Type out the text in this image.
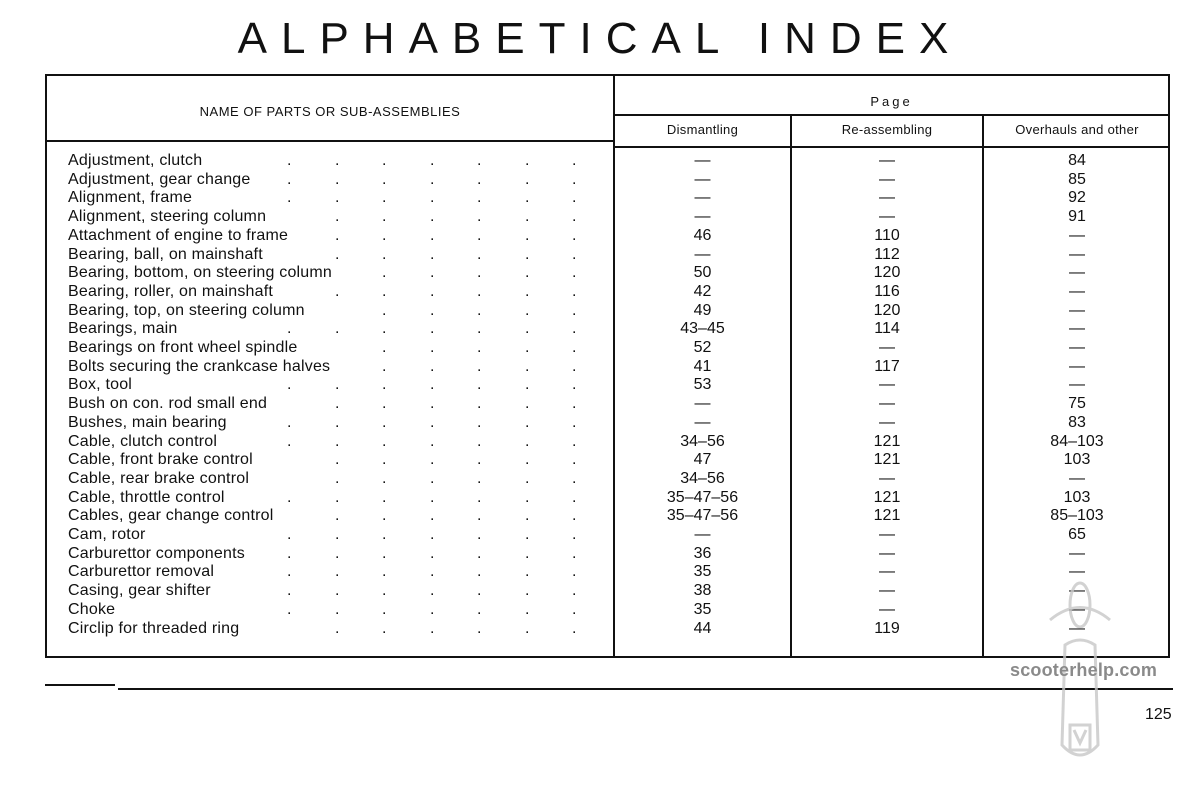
ALPHABETICAL INDEX
NAME OF PARTS OR SUB-ASSEMBLIES
Page
Dismantling	Re-assembling	Overhauls and other
Adjustment, clutch	.	.	.	.	.	.	.	—	—	84
Adjustment, gear change	.	.	.	.	.	.	.	—	—	85
Alignment, frame	.	.	.	.	.	.	.	—	—	92
Alignment, steering column	.	.	.	.	.	.	—	—	91
Attachment of engine to frame	.	.	.	.	.	.	46	110	—
Bearing, ball, on mainshaft	.	.	.	.	.	.	—	112	—
Bearing, bottom, on steering column	.	.	.	.	.	50	120	—
Bearing, roller, on mainshaft	.	.	.	.	.	.	42	116	—
Bearing, top, on steering column	.	.	.	.	.	49	120	—
Bearings, main	.	.	.	.	.	.	.	43–45	114	—
Bearings on front wheel spindle	.	.	.	.	.	52	—	—
Bolts securing the crankcase halves	.	.	.	.	.	41	117	—
Box, tool	.	.	.	.	.	.	.	53	—	—
Bush on con. rod small end	.	.	.	.	.	.	—	—	75
Bushes, main bearing	.	.	.	.	.	.	.	—	—	83
Cable, clutch control	.	.	.	.	.	.	.	34–56	121	84–103
Cable, front brake control	.	.	.	.	.	.	47	121	103
Cable, rear brake control	.	.	.	.	.	.	34–56	—	—
Cable, throttle control	.	.	.	.	.	.	.	35–47–56	121	103
Cables, gear change control	.	.	.	.	.	.	35–47–56	121	85–103
Cam, rotor	.	.	.	.	.	.	.	—	—	65
Carburettor components	.	.	.	.	.	.	.	36	—	—
Carburettor removal	.	.	.	.	.	.	.	35	—	—
Casing, gear shifter	.	.	.	.	.	.	.	38	—	—
Choke	.	.	.	.	.	.	.	35	—	—
Circlip for threaded ring	.	.	.	.	.	.	44	119	—
scooterhelp.com
125
